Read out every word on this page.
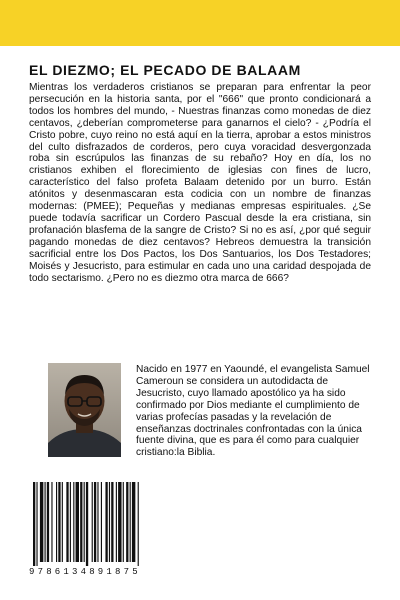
EL DIEZMO; EL PECADO DE BALAAM
Mientras los verdaderos cristianos se preparan para enfrentar la peor persecución en la historia santa, por el "666" que pronto condicionará a todos los hombres del mundo, - Nuestras finanzas como monedas de diez centavos, ¿deberían comprometerse para ganarnos el cielo? - ¿Podría el Cristo pobre, cuyo reino no está aquí en la tierra, aprobar a estos ministros del culto disfrazados de corderos, pero cuya voracidad desvergonzada roba sin escrúpulos las finanzas de su rebaño? Hoy en día, los no cristianos exhiben el florecimiento de iglesias con fines de lucro, característico del falso profeta Balaam detenido por un burro. Están atónitos y desenmascaran esta codicia con un nombre de finanzas modernas: (PMEE); Pequeñas y medianas empresas espirituales. ¿Se puede todavía sacrificar un Cordero Pascual desde la era cristiana, sin profanación blasfema de la sangre de Cristo? Si no es así, ¿por qué seguir pagando monedas de diez centavos? Hebreos demuestra la transición sacrificial entre los Dos Pactos, los Dos Santuarios, los Dos Testadores; Moisés y Jesucristo, para estimular en cada uno una caridad despojada de todo sectarismo. ¿Pero no es diezmo otra marca de 666?
Nacido en 1977 en Yaoundé, el evangelista Samuel Cameroun se considera un autodidacta de Jesucristo, cuyo llamado apostólico ya ha sido confirmado por Dios mediante el cumplimiento de varias profecías pasadas y la revelación de enseñanzas doctrinales confrontadas con la única fuente divina, que es para él como para cualquier cristiano:la Biblia.
9786134891875
